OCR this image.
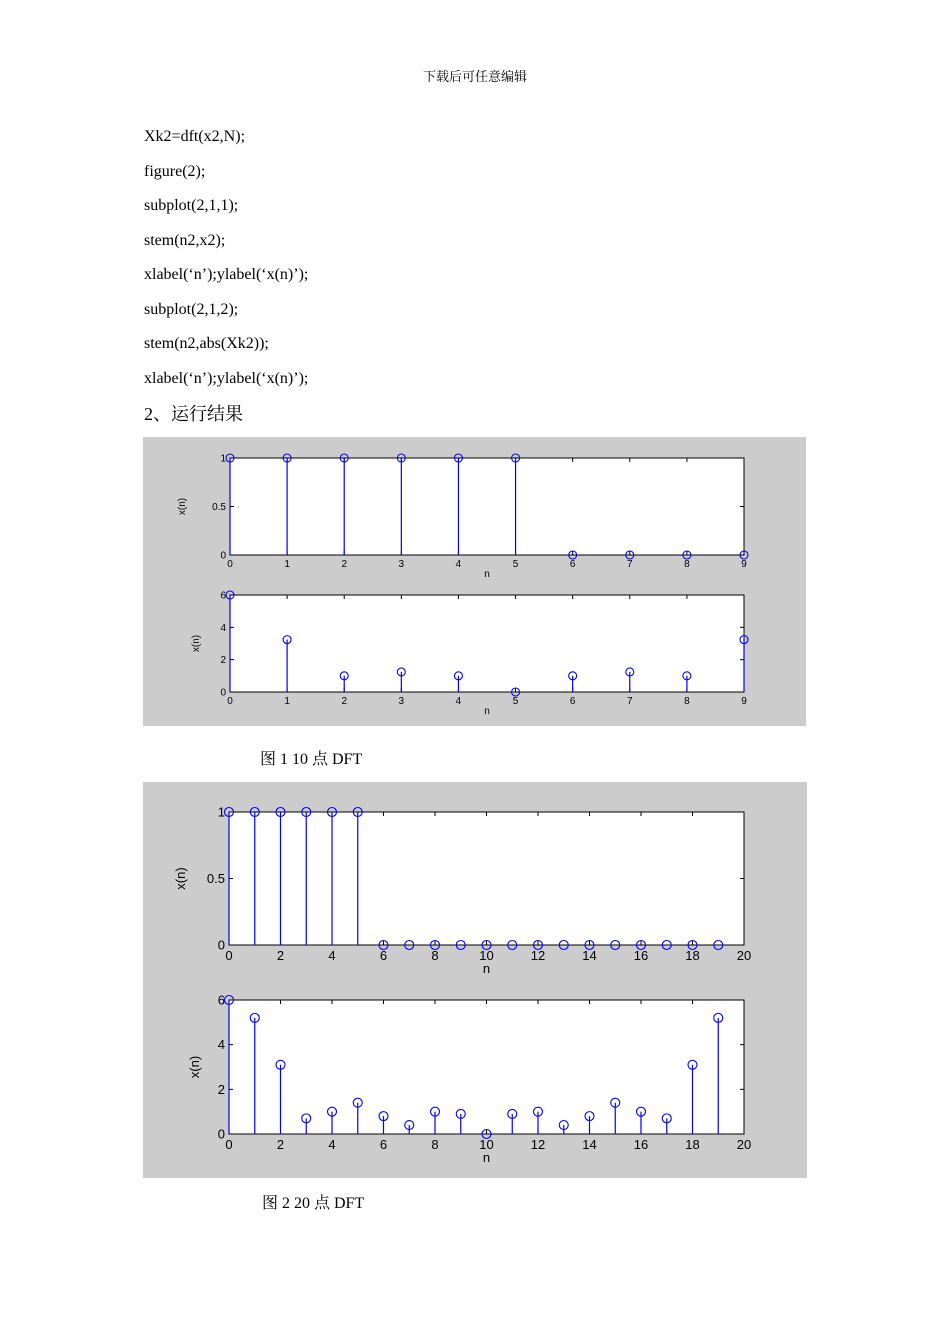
下载后可任意编辑
Xk2=dft(x2,N);
figure(2);
subplot(2,1,1);
stem(n2,x2);
xlabel(‘n’);ylabel(‘x(n)’);
subplot(2,1,2);
stem(n2,abs(Xk2));
xlabel(‘n’);ylabel(‘x(n)’);
2、运行结果
0	1	2	3	4	5	6	7	8	9
0
0.5
1
n
x(n)
0	1	2	3	4	5	6	7	8	9
0
2
4
6
n
x(n)
图 1 10 点 DFT
0	2	4	6	8	10	12	14	16	18	20
0
0.5
1
n
x(n)
0	2	4	6	8	10	12	14	16	18	20
0
2
4
6
n
x(n)
图 2 20 点 DFT
